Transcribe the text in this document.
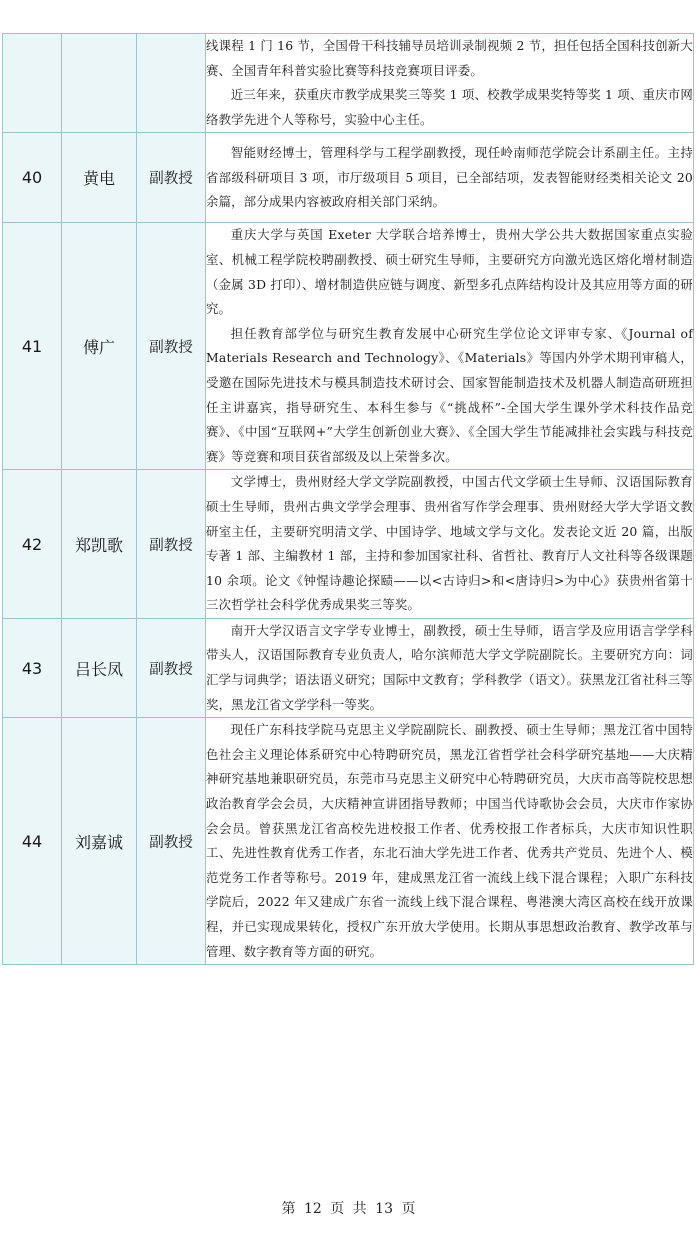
			线课程 1 门 16 节，全国骨干科技辅导员培训录制视频 2 节，担任包括全国科技创新大赛、全国青年科普实验比赛等科技竞赛项目评委。

近三年来，获重庆市教学成果奖三等奖 1 项、校教学成果奖特等奖 1 项、重庆市网络教学先进个人等称号，实验中心主任。

40	黄电	副教授	智能财经博士，管理科学与工程学副教授，现任岭南师范学院会计系副主任。主持省部级科研项目 3 项，市厅级项目 5 项目，已全部结项，发表智能财经类相关论文 20 余篇，部分成果内容被政府相关部门采纳。

41	傅广	副教授	重庆大学与英国 Exeter 大学联合培养博士，贵州大学公共大数据国家重点实验室、机械工程学院校聘副教授、硕士研究生导师，主要研究方向激光选区熔化增材制造（金属 3D 打印）、增材制造供应链与调度、新型多孔点阵结构设计及其应用等方面的研究。

担任教育部学位与研究生教育发展中心研究生学位论文评审专家、《Journal of Materials Research and Technology》、《Materials》等国内外学术期刊审稿人，受邀在国际先进技术与模具制造技术研讨会、国家智能制造技术及机器人制造高研班担任主讲嘉宾，指导研究生、本科生参与《“挑战杯”-全国大学生课外学术科技作品竞赛》、《中国“互联网+”大学生创新创业大赛》、《全国大学生节能减排社会实践与科技竞赛》等竞赛和项目获省部级及以上荣誉多次。

42	郑凯歌	副教授	文学博士，贵州财经大学文学院副教授，中国古代文学硕士生导师、汉语国际教育硕士生导师，贵州古典文学学会理事、贵州省写作学会理事、贵州财经大学大学语文教研室主任，主要研究明清文学、中国诗学、地域文学与文化。发表论文近 20 篇，出版专著 1 部、主编教材 1 部，主持和参加国家社科、省哲社、教育厅人文社科等各级课题 10 余项。论文《钟惺诗趣论探赜——以<古诗归>和<唐诗归>为中心》获贵州省第十三次哲学社会科学优秀成果奖三等奖。

43	吕长凤	副教授	南开大学汉语言文字学专业博士，副教授，硕士生导师，语言学及应用语言学学科带头人，汉语国际教育专业负责人，哈尔滨师范大学文学院副院长。主要研究方向：词汇学与词典学；语法语义研究；国际中文教育；学科教学（语文）。获黑龙江省社科三等奖，黑龙江省文学学科一等奖。

44	刘嘉诚	副教授	现任广东科技学院马克思主义学院副院长、副教授、硕士生导师；黑龙江省中国特色社会主义理论体系研究中心特聘研究员，黑龙江省哲学社会科学研究基地——大庆精神研究基地兼职研究员，东莞市马克思主义研究中心特聘研究员，大庆市高等院校思想政治教育学会会员，大庆精神宣讲团指导教师；中国当代诗歌协会会员，大庆市作家协会会员。曾获黑龙江省高校先进校报工作者、优秀校报工作者标兵，大庆市知识性职工、先进性教育优秀工作者，东北石油大学先进工作者、优秀共产党员、先进个人、模范党务工作者等称号。2019 年，建成黑龙江省一流线上线下混合课程；入职广东科技学院后，2022 年又建成广东省一流线上线下混合课程、粤港澳大湾区高校在线开放课程，并已实现成果转化，授权广东开放大学使用。长期从事思想政治教育、教学改革与管理、数字教育等方面的研究。

第 12 页 共 13 页
